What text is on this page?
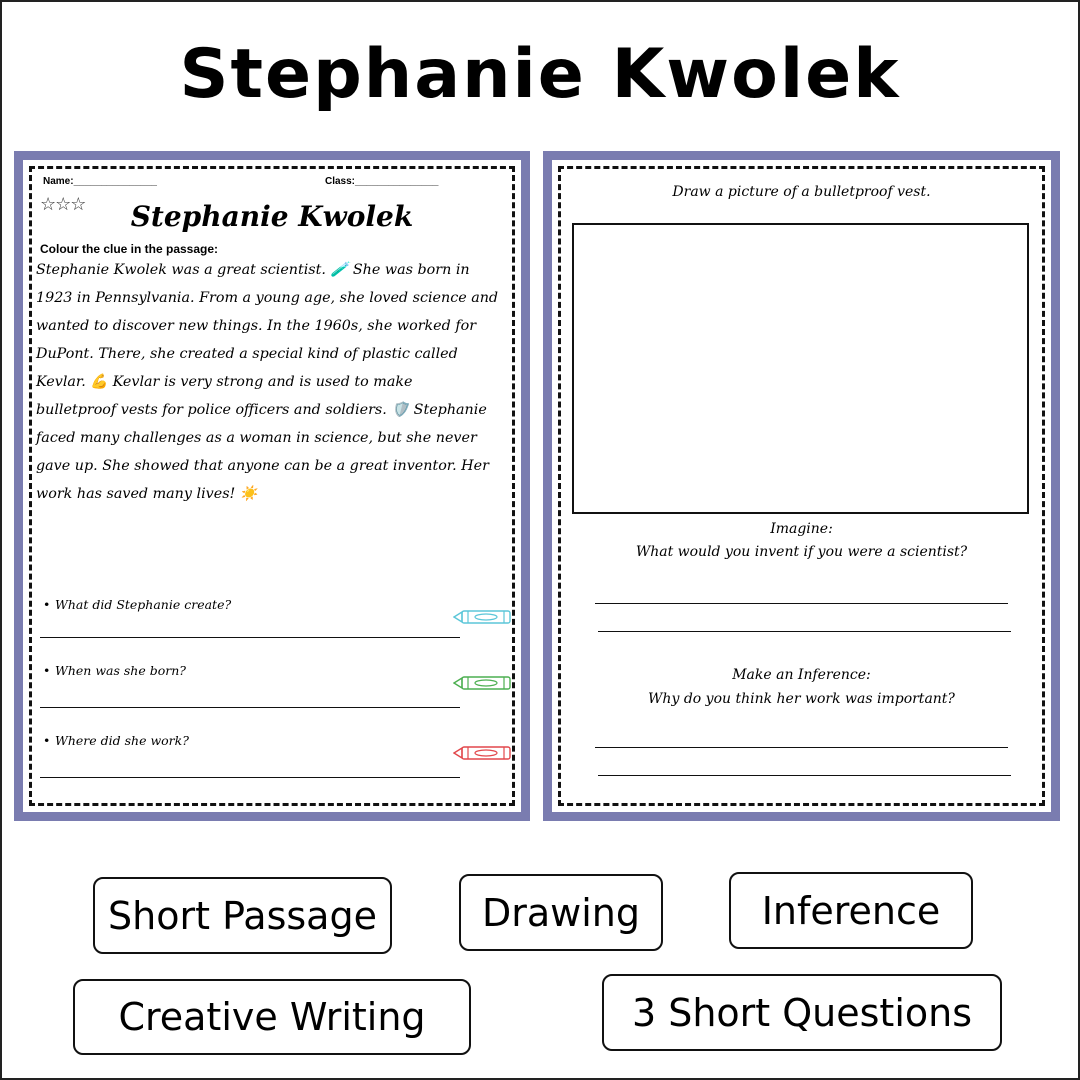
Stephanie Kwolek
Name:_______________	Class:_______________
☆☆☆	Stephanie Kwolek
Colour the clue in the passage:
Stephanie Kwolek was a great scientist. 🧪 She was born in
1923 in Pennsylvania. From a young age, she loved science and
wanted to discover new things. In the 1960s, she worked for
DuPont. There, she created a special kind of plastic called
Kevlar. 💪 Kevlar is very strong and is used to make
bulletproof vests for police officers and soldiers. 🛡️ Stephanie
faced many challenges as a woman in science, but she never
gave up. She showed that anyone can be a great inventor. Her
work has saved many lives! ☀️
• What did Stephanie create?
• When was she born?
• Where did she work?
Draw a picture of a bulletproof vest.
Imagine:
What would you invent if you were a scientist?
Make an Inference:
Why do you think her work was important?
Short Passage	Drawing	Inference
Creative Writing	3 Short Questions
